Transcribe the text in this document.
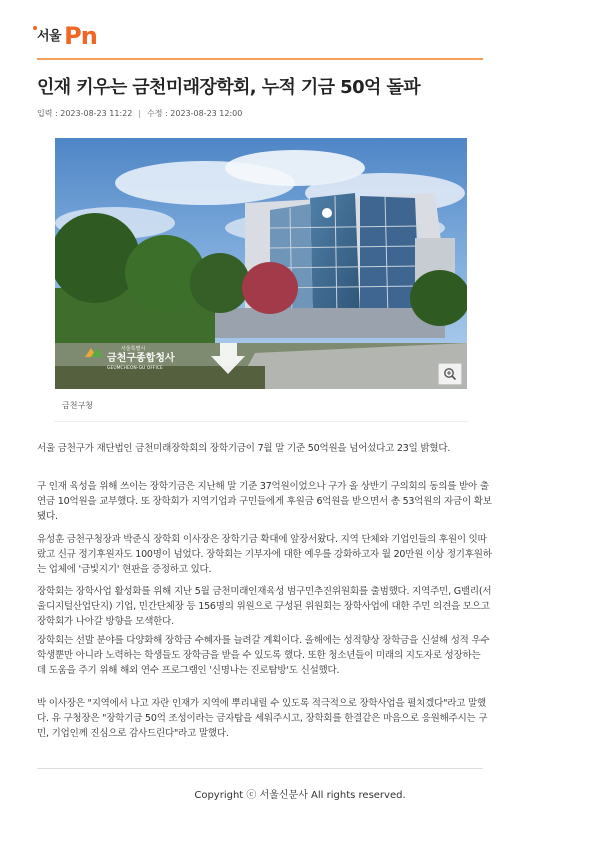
서울 Pn
인재 키우는 금천미래장학회, 누적 기금 50억 돌파
입력 : 2023-08-23 11:22 | 수정 : 2023-08-23 12:00
서울특별시
금천구종합청사
GEUMCHEON-GU OFFICE
금천구청

서울 금천구가 재단법인 금천미래장학회의 장학기금이 7월 말 기준 50억원을 넘어섰다고 23일 밝혔다.

구 인재 육성을 위해 쓰이는 장학기금은 지난해 말 기준 37억원이었으나 구가 올 상반기 구의회의 동의를 받아 출연금 10억원을 교부했다. 또 장학회가 지역기업과 구민들에게 후원금 6억원을 받으면서 총 53억원의 자금이 확보됐다.

유성훈 금천구청장과 박준식 장학회 이사장은 장학기금 확대에 앞장서왔다. 지역 단체와 기업인들의 후원이 잇따랐고 신규 정기후원자도 100명이 넘었다. 장학회는 기부자에 대한 예우를 강화하고자 월 20만원 이상 정기후원하는 업체에 '금빛지기' 현판을 증정하고 있다.

장학회는 장학사업 활성화를 위해 지난 5월 금천미래인재육성 범구민추진위원회를 출범했다. 지역주민, G밸리(서울디지털산업단지) 기업, 민간단체장 등 156명의 위원으로 구성된 위원회는 장학사업에 대한 주민 의견을 모으고 장학회가 나아갈 방향을 모색한다.

장학회는 선발 분야를 다양화해 장학금 수혜자를 늘려갈 계획이다. 올해에는 성적향상 장학금을 신설해 성적 우수 학생뿐만 아니라 노력하는 학생들도 장학금을 받을 수 있도록 했다. 또한 청소년들이 미래의 지도자로 성장하는 데 도움을 주기 위해 해외 연수 프로그램인 '신명나는 진로탐방'도 신설했다.

박 이사장은 "지역에서 나고 자란 인재가 지역에 뿌리내릴 수 있도록 적극적으로 장학사업을 펼치겠다"라고 말했다. 유 구청장은 "장학기금 50억 조성이라는 금자탑을 세워주시고, 장학회를 한결같은 마음으로 응원해주시는 구민, 기업인께 진심으로 감사드린다"라고 말했다.

Copyright ⓒ 서울신문사 All rights reserved.
